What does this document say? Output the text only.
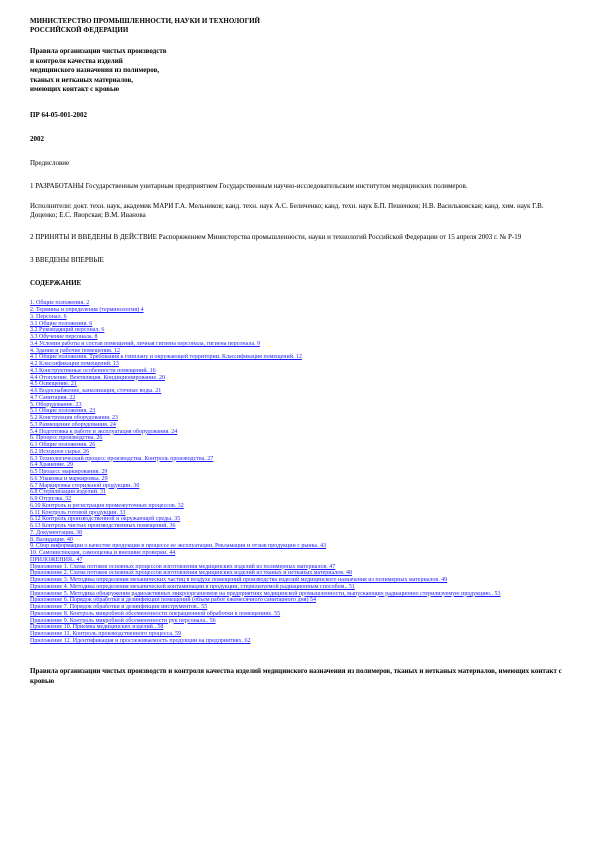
МИНИСТЕРСТВО ПРОМЫШЛЕННОСТИ, НАУКИ И ТЕХНОЛОГИЙ
РОССИЙСКОЙ ФЕДЕРАЦИИ
Правила организации чистых производств
и контроля качества изделий
медицинского назначения из полимеров,
тканых и нетканых материалов,
имеющих контакт с кровью
ПР 64-05-001-2002
2002
Предисловие

1 РАЗРАБОТАНЫ Государственным унитарным предприятием Государственным научно-исследовательским институтом медицинских полимеров.

Исполнители: докт. техн. наук, академик МАРИ Г.А. Мельников; канд. техн. наук А.С. Беличенко; канд. техн. наук Б.П. Пешенков; Н.В. Васильковская; канд. хим. наук Г.В. Доценко; Е.С. Яворская; В.М. Иванова

2 ПРИНЯТЫ И ВВЕДЕНЫ В ДЕЙСТВИЕ Распоряжением Министерства промышленности, науки и технологий Российской Федерации от 15 апреля 2003 г. № Р-19

3 ВВЕДЕНЫ ВПЕРВЫЕ

СОДЕРЖАНИЕ
1. Общие положения. 2
2. Термины и определения (терминология) 4
3. Персонал. 6
3.1 Общие положения. 6
3.2 Руководящий персонал. 6
3.3 Обучение персонала. 8
3.4 Условия работы и состав помещений, личная гигиена персонала, гигиена персонала. 9
4. Здания и рабочие помещения. 12
4.1 Общие положения. Требования к генплану и окружающей территории. Классификация помещений. 12
4.2 Классификация помещений. 13
4.3 Конструктивные особенности помещений. 16
4.4 Отопление. Вентиляция. Кондиционирование. 20
4.5 Освещение. 21
4.6 Водоснабжение, канализация, сточные воды. 21
4.7 Санитария. 22
5. Оборудование. 23
5.1 Общие положения. 23
5.2 Конструкция оборудования. 23
5.3 Размещение оборудования. 24
5.4 Подготовка к работе и эксплуатация оборудования. 24
6. Процесс производства. 26
6.1 Общие положения. 26
6.2 Исходное сырье. 26
6.3 Технологический процесс производства. Контроль производства. 27
6.4 Хранение. 29
6.5 Процесс маркирования. 29
6.6 Упаковка и маркировка. 29
6.7 Маркировка стерильной продукции. 30
6.8 Стерилизация изделий. 31
6.9 Отгрузка. 32
6.10 Контроль и регистрация промежуточных процессов. 32
6.11 Контроль готовой продукции. 33
6.12 Контроль производственной и окружающей среды. 35
6.13 Контроль чистых производственных помещений. 36
7. Документация. 38
8. Валидация. 40
9. Сбор информации о качестве продукции в процессе ее эксплуатации. Рекламации и отзыв продукции с рынка. 43
10. Самоинспекция, самооценка и внешние проверки. 44
ПРИЛОЖЕНИЯ.. 47
Приложение 1. Схема потоков основных процессов изготовления медицинских изделий из полимерных материалов. 47
Приложение 2. Схема потоков основных процессов изготовления медицинских изделий из тканых и нетканых материалов. 48
Приложение 3. Методика определения механических частиц в воздухе помещений производства изделий медицинского назначения из полимерных материалов. 49
Приложение 4. Методика определения механической контаминации в продукции, стерилизуемой радиационным способом.. 51
Приложение 5. Методика обнаружения радиоактивных микроорганизмов на предприятиях медицинской промышленности, выпускающих радиационно стерилизуемую продукцию.. 53
Приложение 6. Порядок обработки и дезинфекции помещений (объем работ ежемесячного санитарного дня) 54
Приложение 7. Порядок обработки и дезинфекции инструментов.. 55
Приложение 8. Контроль микробной обсемененности операционной обработки в помещениях. 55
Приложение 9. Контроль микробной обсемененности рук персонала.. 56
Приложение 10. Приемка медицинских изделий.. 58
Приложение 11. Контроль производственного процесса. 59
Приложение 12. Идентификация и прослеживаемость продукции на предприятиях. 62
Правила организации чистых производств и контроля качества изделий медицинского назначения из полимеров, тканых и нетканых материалов, имеющих контакт с кровью
